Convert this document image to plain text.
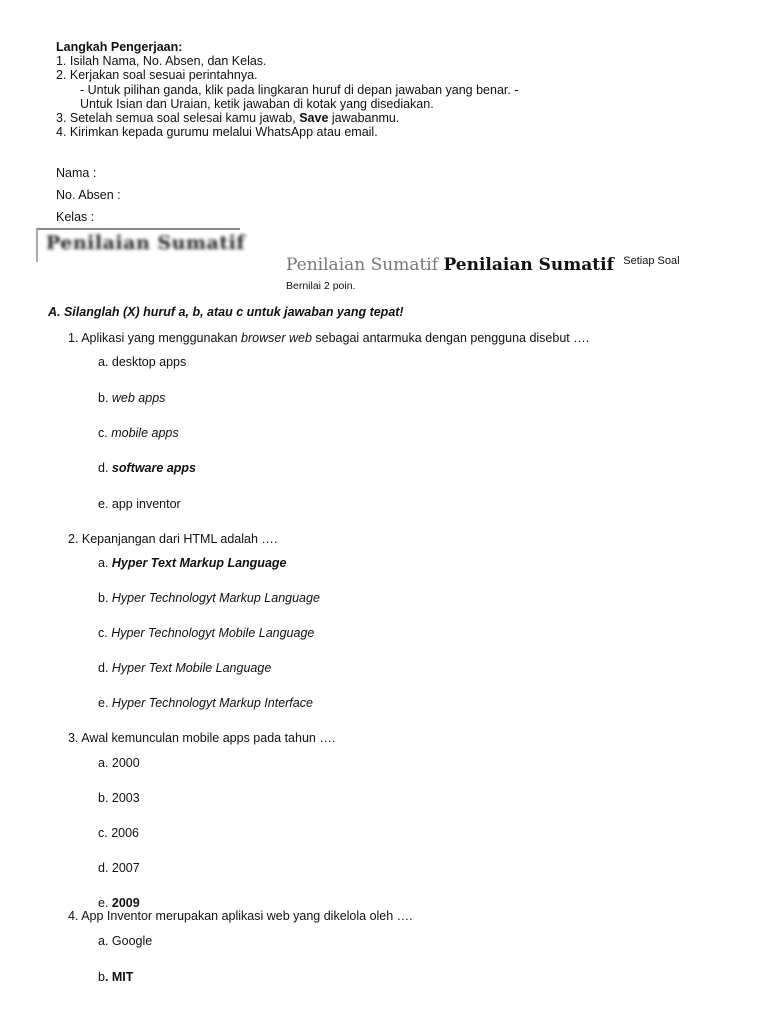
Langkah Pengerjaan:
1. Isilah Nama, No. Absen, dan Kelas.
2. Kerjakan soal sesuai perintahnya.
- Untuk pilihan ganda, klik pada lingkaran huruf di depan jawaban yang benar. -
Untuk Isian dan Uraian, ketik jawaban di kotak yang disediakan.
3. Setelah semua soal selesai kamu jawab, Save jawabanmu.
4. Kirimkan kepada gurumu melalui WhatsApp atau email.
Nama :
No. Absen :
Kelas :
Penilaian Sumatif
Penilaian Sumatif Penilaian Sumatif $^{Setiap Soal}$
Bernilai 2 poin.
A. Silanglah (X) huruf a, b, atau c untuk jawaban yang tepat!
1. Aplikasi yang menggunakan browser web sebagai antarmuka dengan pengguna disebut ….
a. desktop apps
b. web apps
c. mobile apps
d. software apps
e. app inventor
2. Kepanjangan dari HTML adalah ….
a. Hyper Text Markup Language
b. Hyper Technologyt Markup Language
c. Hyper Technologyt Mobile Language
d. Hyper Text Mobile Language
e. Hyper Technologyt Markup Interface
3. Awal kemunculan mobile apps pada tahun ….
a. 2000
b. 2003
c. 2006
d. 2007
e. 2009
4. App Inventor merupakan aplikasi web yang dikelola oleh ….
a. Google
b. MIT
